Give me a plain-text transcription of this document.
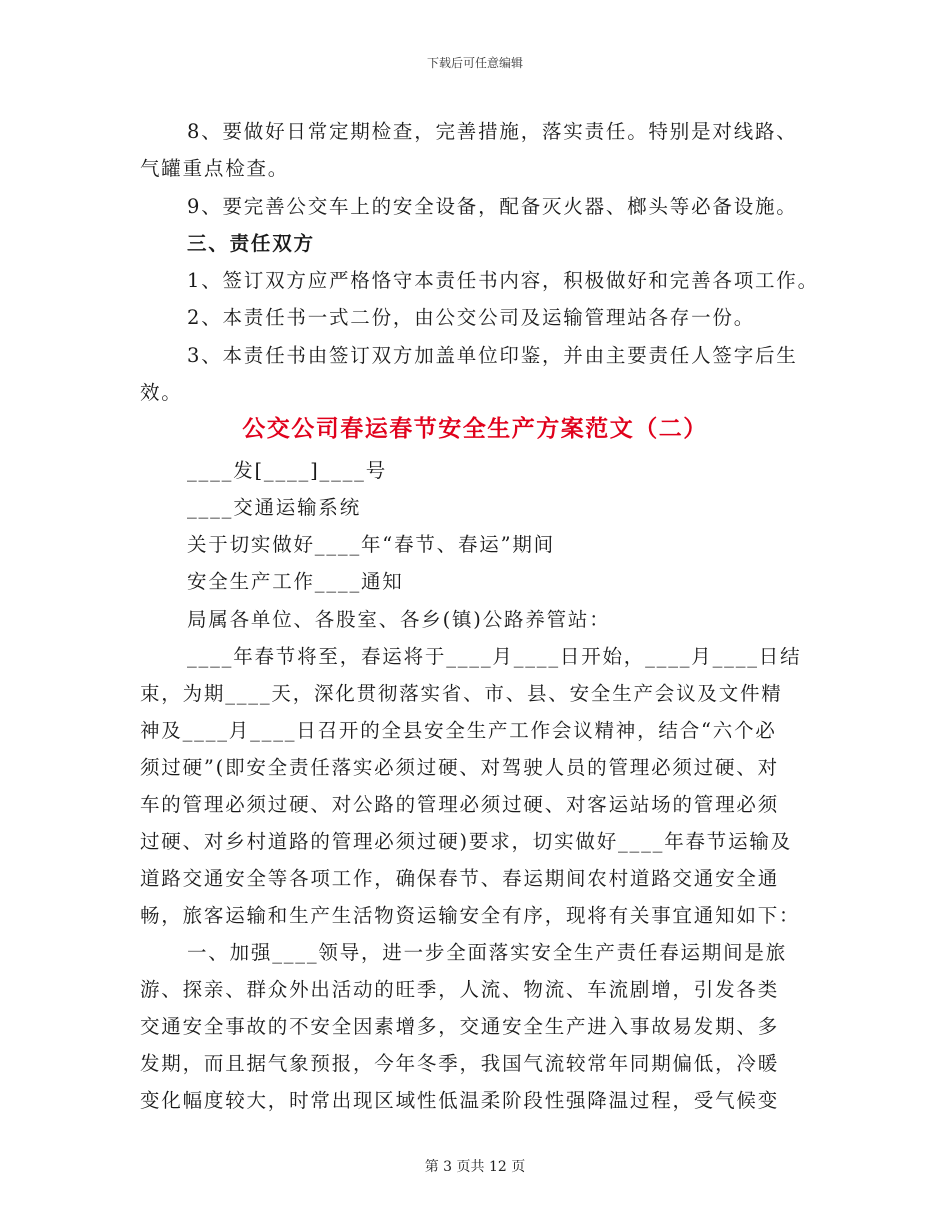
下载后可任意编辑
8、要做好日常定期检查，完善措施，落实责任。特别是对线路、
气罐重点检查。
9、要完善公交车上的安全设备，配备灭火器、榔头等必备设施。
三、责任双方
1、签订双方应严格恪守本责任书内容，积极做好和完善各项工作。
2、本责任书一式二份，由公交公司及运输管理站各存一份。
3、本责任书由签订双方加盖单位印鉴，并由主要责任人签字后生
效。
公交公司春运春节安全生产方案范文（二）
____发[____]____号
____交通运输系统
关于切实做好____年“春节、春运”期间
安全生产工作____通知
局属各单位、各股室、各乡(镇)公路养管站：
____年春节将至，春运将于____月____日开始，____月____日结
束，为期____天，深化贯彻落实省、市、县、安全生产会议及文件精
神及____月____日召开的全县安全生产工作会议精神，结合“六个必
须过硬”(即安全责任落实必须过硬、对驾驶人员的管理必须过硬、对
车的管理必须过硬、对公路的管理必须过硬、对客运站场的管理必须
过硬、对乡村道路的管理必须过硬)要求，切实做好____年春节运输及
道路交通安全等各项工作，确保春节、春运期间农村道路交通安全通
畅，旅客运输和生产生活物资运输安全有序，现将有关事宜通知如下：
一、加强____领导，进一步全面落实安全生产责任春运期间是旅
游、探亲、群众外出活动的旺季，人流、物流、车流剧增，引发各类
交通安全事故的不安全因素增多，交通安全生产进入事故易发期、多
发期，而且据气象预报，今年冬季，我国气流较常年同期偏低，冷暖
变化幅度较大，时常出现区域性低温柔阶段性强降温过程，受气候变
第 3 页共 12 页
